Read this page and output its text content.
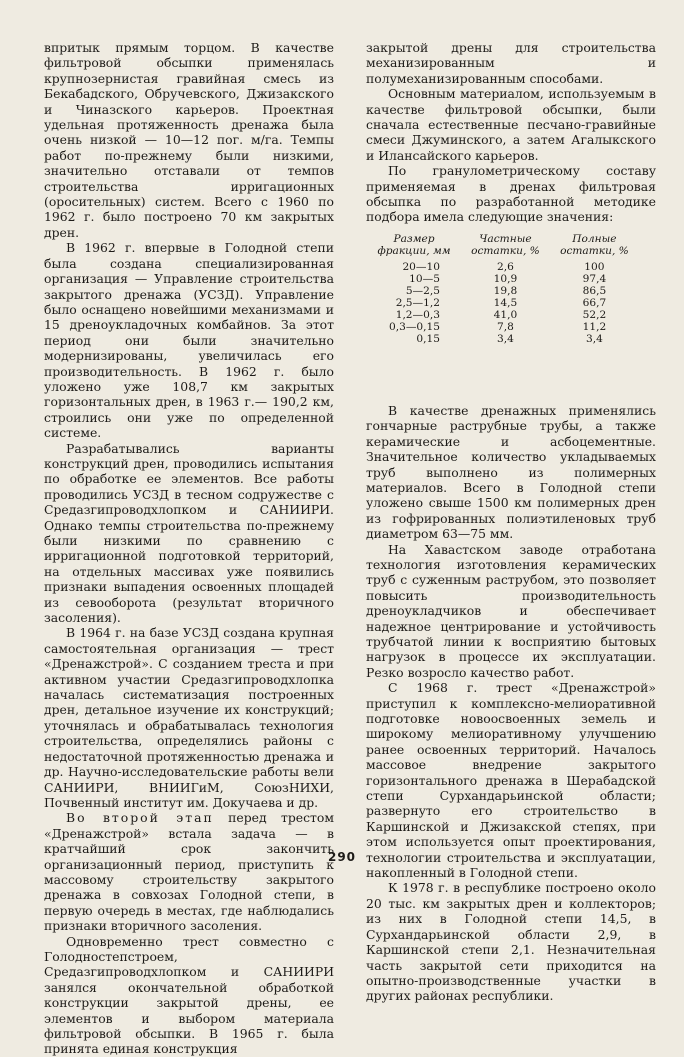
впритык прямым торцом. В качестве фильтровой обсыпки применялась крупнозернистая гравийная смесь из Бекабадского, Обручевского, Джизакского и Чиназского карьеров. Проектная удельная протяженность дренажа была очень низкой — 10—12 пог. м/га. Темпы работ по-прежнему были низкими, значительно отставали от темпов строительства ирригационных (оросительных) систем. Всего с 1960 по 1962 г. было построено 70 км закрытых дрен.

В 1962 г. впервые в Голодной степи была создана специализированная организация — Управление строительства закрытого дренажа (УСЗД). Управление было оснащено новейшими механизмами и 15 дреноукладочных комбайнов. За этот период они были значительно модернизированы, увеличилась его производительность. В 1962 г. было уложено уже 108,7 км закрытых горизонтальных дрен, в 1963 г.— 190,2 км, строились они уже по определенной системе.

Разрабатывались варианты конструкций дрен, проводились испытания по обработке ее элементов. Все работы проводились УСЗД в тесном содружестве с Средазгипроводхлопком и САНИИРИ. Однако темпы строительства по-прежнему были низкими по сравнению с ирригационной подготовкой территорий, на отдельных массивах уже появились признаки выпадения освоенных площадей из севооборота (результат вторичного засоления).

В 1964 г. на базе УСЗД создана крупная самостоятельная организация — трест «Дренажстрой». С созданием треста и при активном участии Средазгипроводхлопка началась систематизация построенных дрен, детальное изучение их конструкций; уточнялась и обрабатывалась технология строительства, определялись районы с недостаточной протяженностью дренажа и др. Научно-исследовательские работы вели САНИИРИ, ВНИИГиМ, СоюзНИХИ, Почвенный институт им. Докучаева и др.

Во второй этап перед трестом «Дренажстрой» встала задача — в кратчайший срок закончить организационный период, приступить к массовому строительству закрытого дренажа в совхозах Голодной степи, в первую очередь в местах, где наблюдались признаки вторичного засоления.

Одновременно трест совместно с Голодностепстроем, Средазгипроводхлопком и САНИИРИ занялся окончательной обработкой конструкции закрытой дрены, ее элементов и выбором материала фильтровой обсыпки. В 1965 г. была принята единая конструкция

закрытой дрены для строительства механизированным и полумеханизированным способами.

Основным материалом, используемым в качестве фильтровой обсыпки, были сначала естественные песчано-гравийные смеси Джуминского, а затем Агалыкского и Илансайского карьеров.

По гранулометрическому составу применяемая в дренах фильтровая обсыпка по разработанной методике подбора имела следующие значения:

Размер фракции, мм	Частные остатки, %	Полные остатки, %
20—10	2,6	100
10—5	10,9	97,4
5—2,5	19,8	86,5
2,5—1,2	14,5	66,7
1,2—0,3	41,0	52,2
0,3—0,15	7,8	11,2
0,15	3,4	3,4

В качестве дренажных применялись гончарные раструбные трубы, а также керамические и асбоцементные. Значительное количество укладываемых труб выполнено из полимерных материалов. Всего в Голодной степи уложено свыше 1500 км полимерных дрен из гофрированных полиэтиленовых труб диаметром 63—75 мм.

На Хавастском заводе отработана технология изготовления керамических труб с суженным раструбом, это позволяет повысить производительность дреноукладчиков и обеспечивает надежное центрирование и устойчивость трубчатой линии к восприятию бытовых нагрузок в процессе их эксплуатации. Резко возросло качество работ.

С 1968 г. трест «Дренажстрой» приступил к комплексно-мелиоративной подготовке новоосвоенных земель и широкому мелиоративному улучшению ранее освоенных территорий. Началось массовое внедрение закрытого горизонтального дренажа в Шерабадской степи Сурхандарьинской области; развернуто его строительство в Каршинской и Джизакской степях, при этом используется опыт проектирования, технологии строительства и эксплуатации, накопленный в Голодной степи.

К 1978 г. в республике построено около 20 тыс. км закрытых дрен и коллекторов; из них в Голодной степи 14,5, в Сурхандарьинской области 2,9, в Каршинской степи 2,1. Незначительная часть закрытой сети приходится на опытно-производственные участки в других районах республики.

290
